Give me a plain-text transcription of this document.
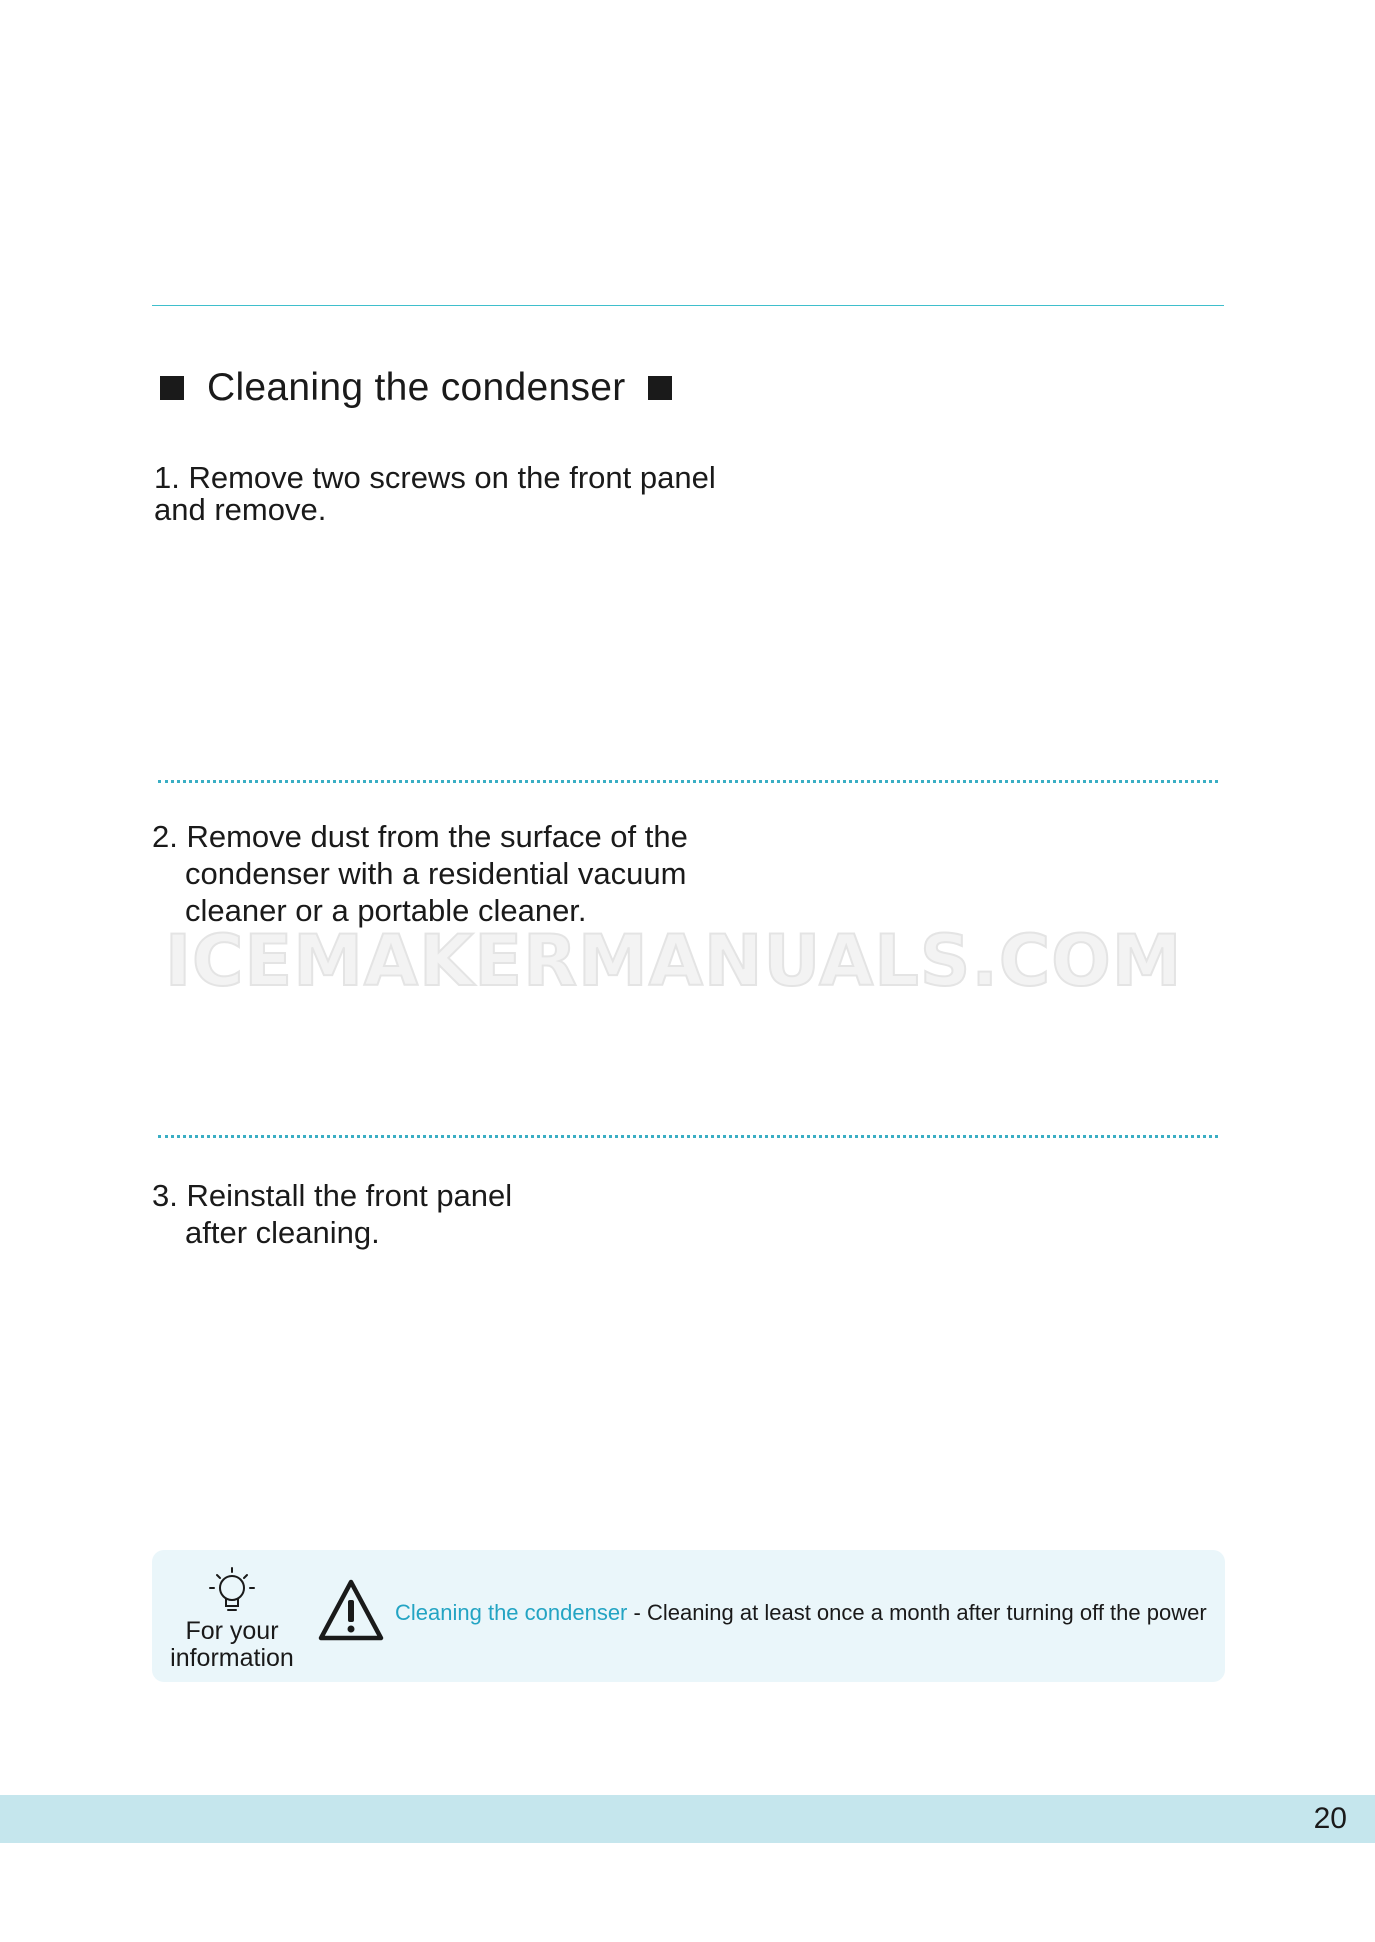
Cleaning the condenser
1. Remove two screws on the front panel
and remove.
2. Remove dust from the surface of the
condenser with a residential vacuum
cleaner or a portable cleaner.
ICEMAKERMANUALS.COM
3. Reinstall the front panel
after cleaning.
For your
information
Cleaning the condenser - Cleaning at least once a month after turning off the power
20
